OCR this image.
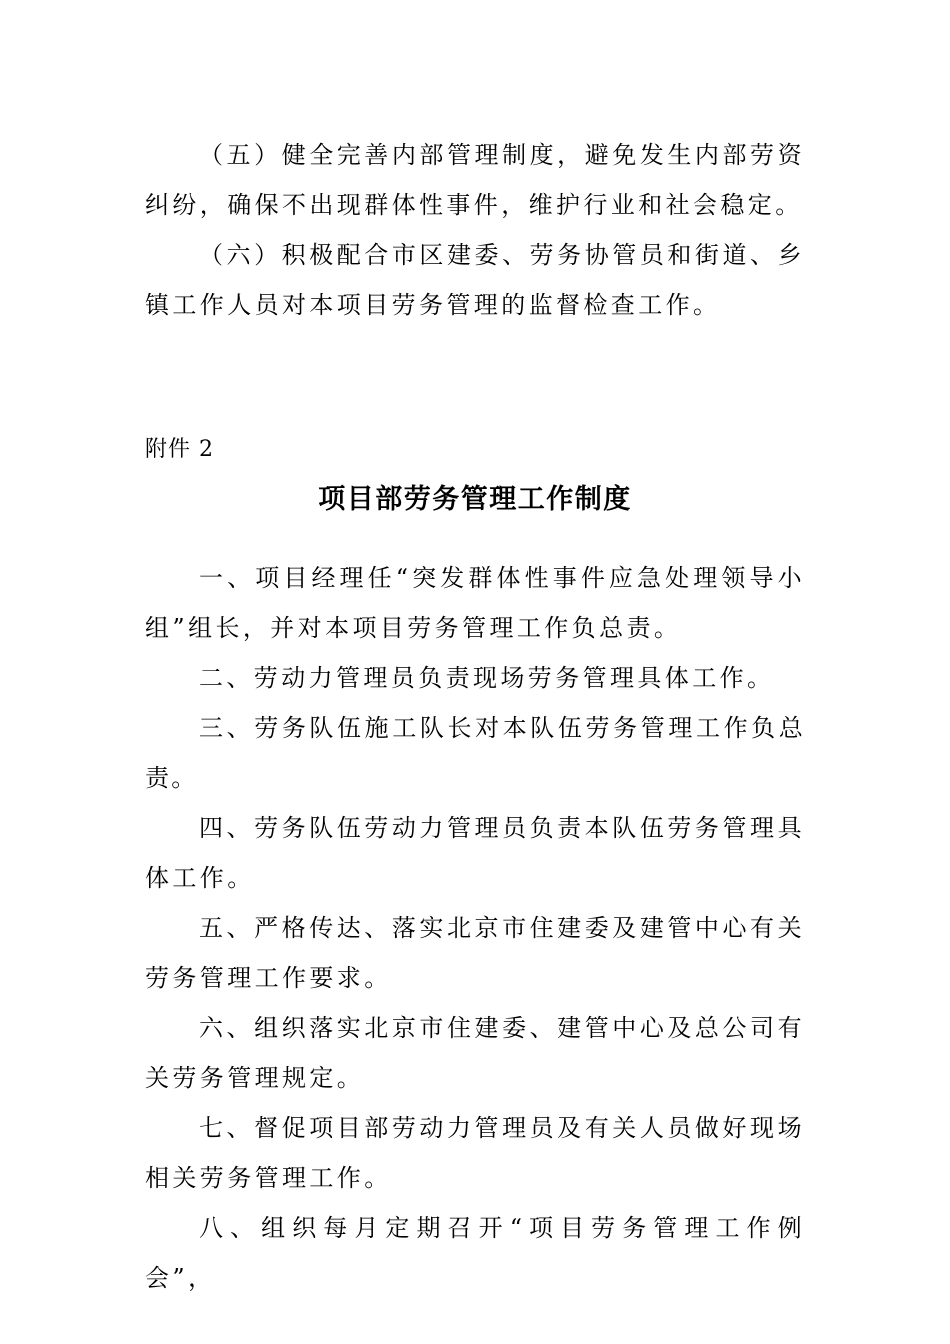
（五）健全完善内部管理制度，避免发生内部劳资纠纷，确保不出现群体性事件，维护行业和社会稳定。

（六）积极配合市区建委、劳务协管员和街道、乡镇工作人员对本项目劳务管理的监督检查工作。

附件 2

项目部劳务管理工作制度

一、项目经理任“突发群体性事件应急处理领导小组”组长，并对本项目劳务管理工作负总责。

二、劳动力管理员负责现场劳务管理具体工作。

三、劳务队伍施工队长对本队伍劳务管理工作负总责。

四、劳务队伍劳动力管理员负责本队伍劳务管理具体工作。

五、严格传达、落实北京市住建委及建管中心有关劳务管理工作要求。

六、组织落实北京市住建委、建管中心及总公司有关劳务管理规定。

七、督促项目部劳动力管理员及有关人员做好现场相关劳务管理工作。

八、组织每月定期召开“项目劳务管理工作例会”，
